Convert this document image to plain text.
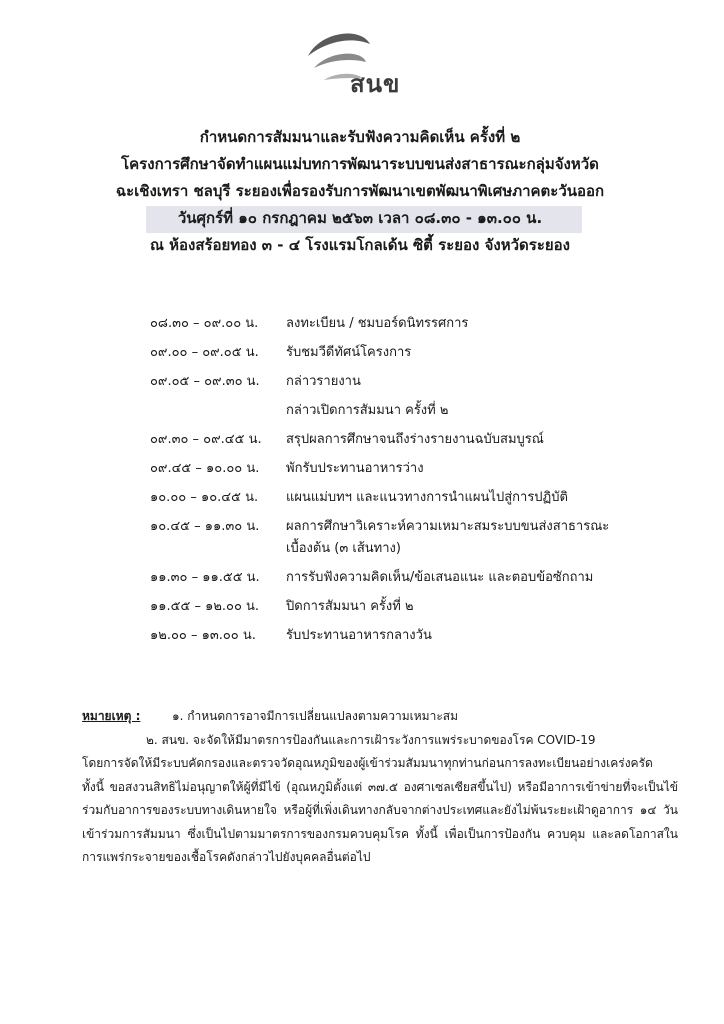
สนข
กำหนดการสัมมนาและรับฟังความคิดเห็น ครั้งที่ ๒
โครงการศึกษาจัดทำแผนแม่บทการพัฒนาระบบขนส่งสาธารณะกลุ่มจังหวัด
ฉะเชิงเทรา ชลบุรี ระยองเพื่อรองรับการพัฒนาเขตพัฒนาพิเศษภาคตะวันออก
วันศุกร์ที่ ๑๐ กรกฎาคม ๒๕๖๓ เวลา ๐๘.๓๐ - ๑๓.๐๐ น.
ณ ห้องสร้อยทอง ๓ - ๔ โรงแรมโกลเด้น ซิตี้ ระยอง จังหวัดระยอง
๐๘.๓๐ – ๐๙.๐๐ น.	ลงทะเบียน / ชมบอร์ดนิทรรศการ
๐๙.๐๐ – ๐๙.๐๕ น.	รับชมวีดีทัศน์โครงการ
๐๙.๐๕ – ๐๙.๓๐ น.	กล่าวรายงาน
กล่าวเปิดการสัมมนา ครั้งที่ ๒
๐๙.๓๐ – ๐๙.๔๕ น.	สรุปผลการศึกษาจนถึงร่างรายงานฉบับสมบูรณ์
๐๙.๔๕ – ๑๐.๐๐ น.	พักรับประทานอาหารว่าง
๑๐.๐๐ – ๑๐.๔๕ น.	แผนแม่บทฯ และแนวทางการนำแผนไปสู่การปฏิบัติ
๑๐.๔๕ – ๑๑.๓๐ น.	ผลการศึกษาวิเคราะห์ความเหมาะสมระบบขนส่งสาธารณะ
เบื้องต้น (๓ เส้นทาง)
๑๑.๓๐ – ๑๑.๕๕ น.	การรับฟังความคิดเห็น/ข้อเสนอแนะ และตอบข้อซักถาม
๑๑.๕๕ – ๑๒.๐๐ น.	ปิดการสัมมนา ครั้งที่ ๒
๑๒.๐๐ – ๑๓.๐๐ น.	รับประทานอาหารกลางวัน
หมายเหตุ :	๑. กำหนดการอาจมีการเปลี่ยนแปลงตามความเหมาะสม
๒. สนข. จะจัดให้มีมาตรการป้องกันและการเฝ้าระวังการแพร่ระบาดของโรค COVID-19
โดยการจัดให้มีระบบคัดกรองและตรวจวัดอุณหภูมิของผู้เข้าร่วมสัมมนาทุกท่านก่อนการลงทะเบียนอย่างเคร่งครัด ทั้งนี้ ขอสงวนสิทธิไม่อนุญาตให้ผู้ที่มีไข้ (อุณหภูมิตั้งแต่ ๓๗.๕ องศาเซลเซียสขึ้นไป) หรือมีอาการเข้าข่ายที่จะเป็นไข้ร่วมกับอาการของระบบทางเดินหายใจ หรือผู้ที่เพิ่งเดินทางกลับจากต่างประเทศและยังไม่พ้นระยะเฝ้าดูอาการ ๑๔ วัน เข้าร่วมการสัมมนา ซึ่งเป็นไปตามมาตรการของกรมควบคุมโรค ทั้งนี้ เพื่อเป็นการป้องกัน ควบคุม และลดโอกาสในการแพร่กระจายของเชื้อโรคดังกล่าวไปยังบุคคลอื่นต่อไป
